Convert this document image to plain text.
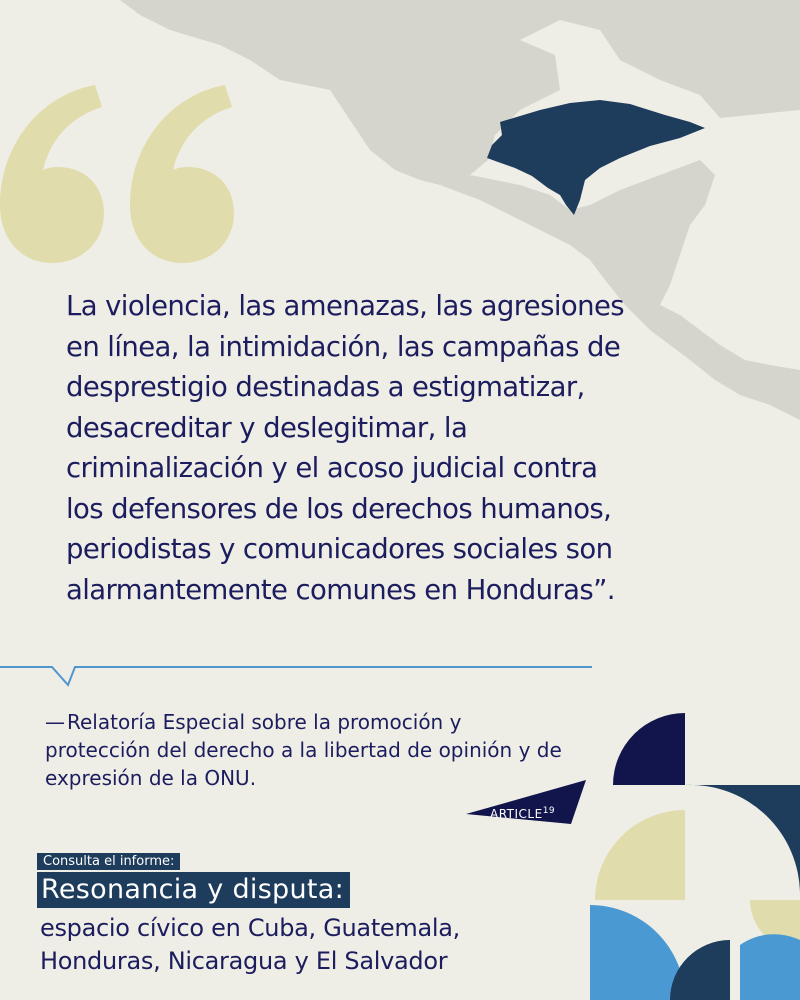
La violencia, las amenazas, las agresiones
en línea, la intimidación, las campañas de
desprestigio destinadas a estigmatizar,
desacreditar y deslegitimar, la
criminalización y el acoso judicial contra
los defensores de los derechos humanos,
periodistas y comunicadores sociales son
alarmantemente comunes en Honduras”.

— Relatoría Especial sobre la promoción y protección del derecho a la libertad de opinión y de expresión de la ONU.

ARTICLE$^{19}$
Consulta el informe:
Resonancia y disputa:

espacio cívico en Cuba, Guatemala,
Honduras, Nicaragua y El Salvador
